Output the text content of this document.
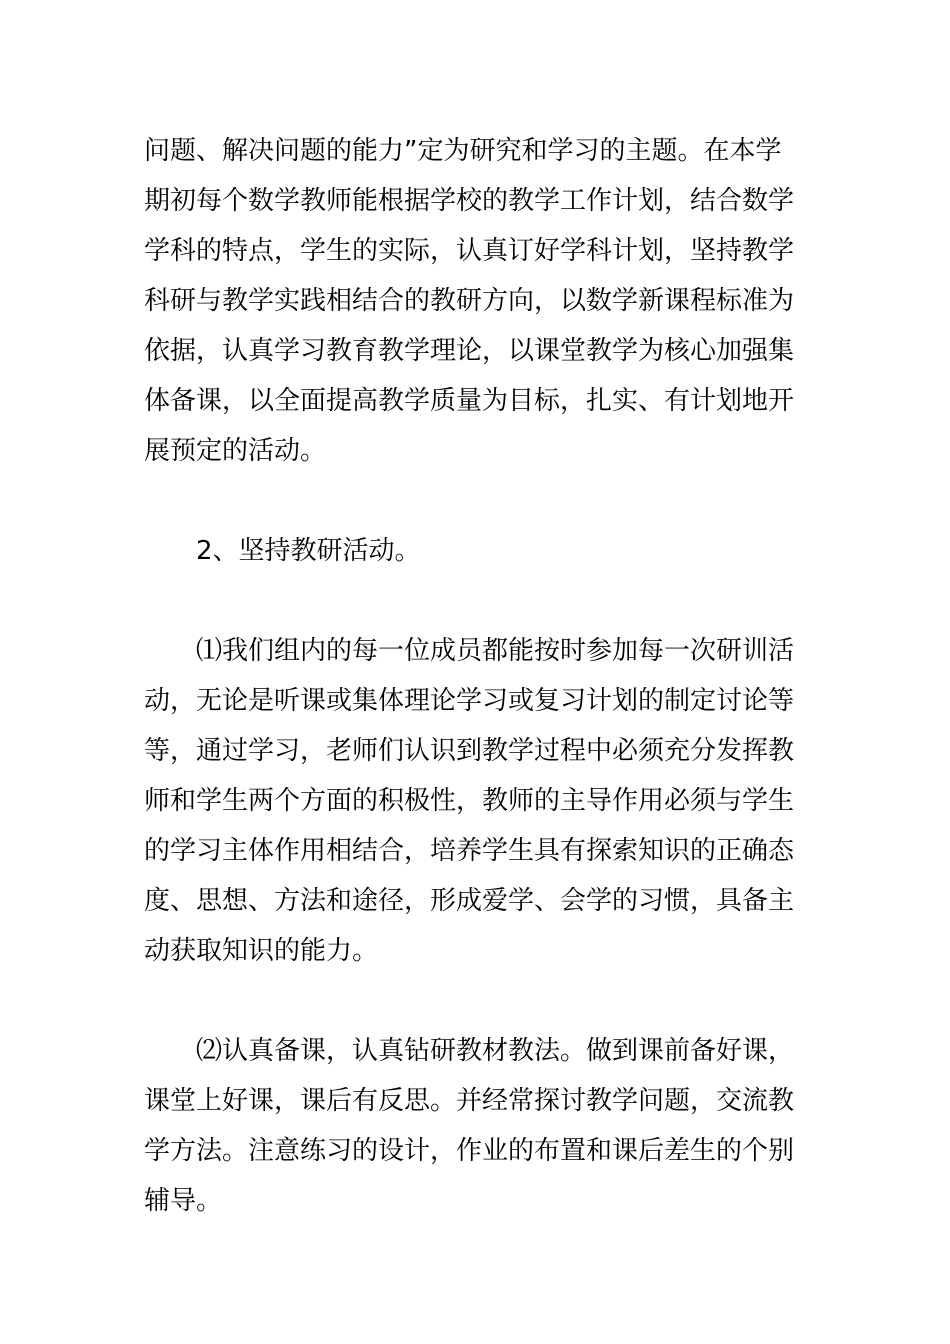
问题、解决问题的能力”定为研究和学习的主题。在本学
期初每个数学教师能根据学校的教学工作计划，结合数学
学科的特点，学生的实际，认真订好学科计划，坚持教学
科研与教学实践相结合的教研方向，以数学新课程标准为
依据，认真学习教育教学理论，以课堂教学为核心加强集
体备课，以全面提高教学质量为目标，扎实、有计划地开
展预定的活动。
2、坚持教研活动。
⑴我们组内的每一位成员都能按时参加每一次研训活
动，无论是听课或集体理论学习或复习计划的制定讨论等
等，通过学习，老师们认识到教学过程中必须充分发挥教
师和学生两个方面的积极性，教师的主导作用必须与学生
的学习主体作用相结合，培养学生具有探索知识的正确态
度、思想、方法和途径，形成爱学、会学的习惯，具备主
动获取知识的能力。
⑵认真备课，认真钻研教材教法。做到课前备好课，
课堂上好课，课后有反思。并经常探讨教学问题，交流教
学方法。注意练习的设计，作业的布置和课后差生的个别
辅导。
